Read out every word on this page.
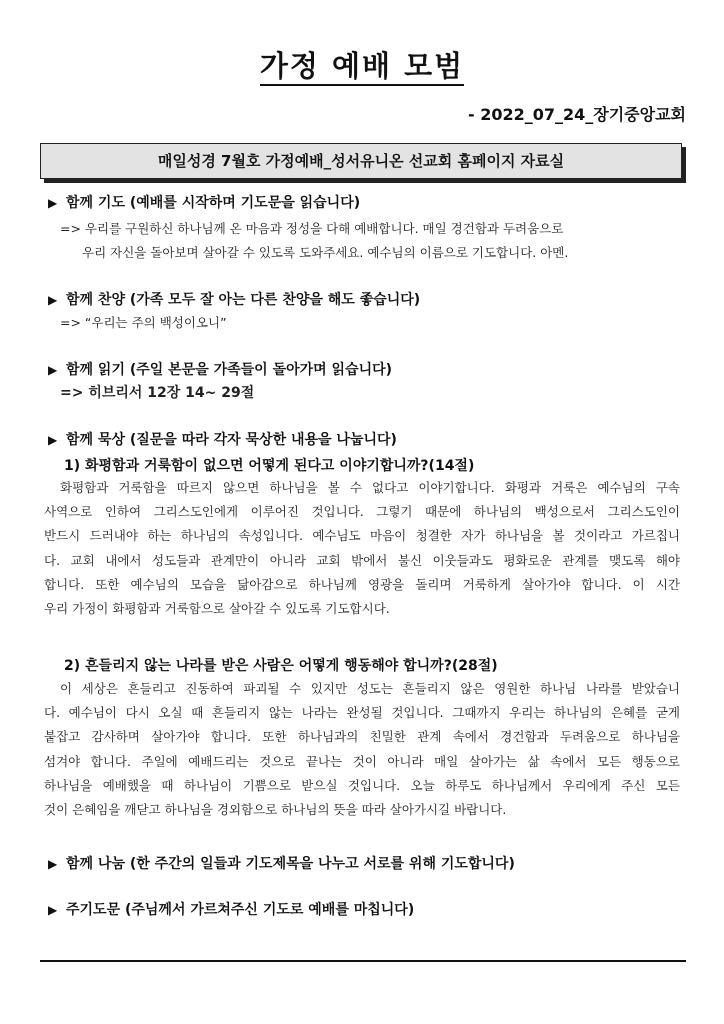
가정 예배 모범
- 2022_07_24_장기중앙교회
매일성경 7월호 가정예배_성서유니온 선교회 홈페이지 자료실
▶ 함께 기도 (예배를 시작하며 기도문을 읽습니다)
=> 우리를 구원하신 하나님께 온 마음과 정성을 다해 예배합니다. 매일 경건함과 두려움으로
우리 자신을 돌아보며 살아갈 수 있도록 도와주세요. 예수님의 이름으로 기도합니다. 아멘.
▶ 함께 찬양 (가족 모두 잘 아는 다른 찬양을 해도 좋습니다)
=> “우리는 주의 백성이오니”
▶ 함께 읽기 (주일 본문을 가족들이 돌아가며 읽습니다)
=> 히브리서 12장 14~ 29절
▶ 함께 묵상 (질문을 따라 각자 묵상한 내용을 나눕니다)
1) 화평함과 거룩함이 없으면 어떻게 된다고 이야기합니까?(14절)
화평함과 거룩함을 따르지 않으면 하나님을 볼 수 없다고 이야기합니다. 화평과 거룩은 예수님의 구속
사역으로 인하여 그리스도인에게 이루어진 것입니다. 그렇기 때문에 하나님의 백성으로서 그리스도인이
반드시 드러내야 하는 하나님의 속성입니다. 예수님도 마음이 청결한 자가 하나님을 볼 것이라고 가르칩니
다. 교회 내에서 성도들과 관계만이 아니라 교회 밖에서 불신 이웃들과도 평화로운 관계를 맺도록 해야
합니다. 또한 예수님의 모습을 닮아감으로 하나님께 영광을 돌리며 거룩하게 살아가야 합니다. 이 시간
우리 가정이 화평함과 거룩함으로 살아갈 수 있도록 기도합시다.
2) 흔들리지 않는 나라를 받은 사람은 어떻게 행동해야 합니까?(28절)
이 세상은 흔들리고 진동하여 파괴될 수 있지만 성도는 흔들리지 않은 영원한 하나님 나라를 받았습니
다. 예수님이 다시 오실 때 흔들리지 않는 나라는 완성될 것입니다. 그때까지 우리는 하나님의 은혜를 굳게
붙잡고 감사하며 살아가야 합니다. 또한 하나님과의 친밀한 관계 속에서 경건함과 두려움으로 하나님을
섬겨야 합니다. 주일에 예배드리는 것으로 끝나는 것이 아니라 매일 살아가는 삶 속에서 모든 행동으로
하나님을 예배했을 때 하나님이 기쁨으로 받으실 것입니다. 오늘 하루도 하나님께서 우리에게 주신 모든
것이 은혜임을 깨닫고 하나님을 경외함으로 하나님의 뜻을 따라 살아가시길 바랍니다.
▶ 함께 나눔 (한 주간의 일들과 기도제목을 나누고 서로를 위해 기도합니다)
▶ 주기도문 (주님께서 가르쳐주신 기도로 예배를 마칩니다)
